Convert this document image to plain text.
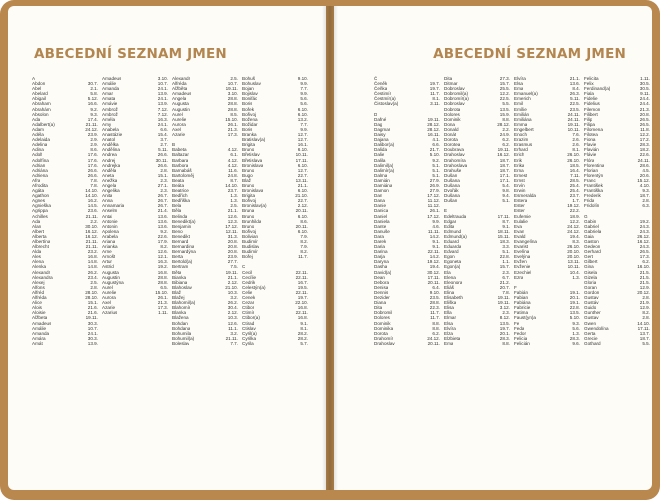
ABECEDNÍ SEZNAM JMEN
A
Abdon	30.7.
Abel	2.1.
Abelard	5.8.
Abigail	5.12.
Abraham	16.6.
Abrahám	9.2.
Absolon	9.3.
Ada	17.4.
Adalbert(a)	21.11.
Adam	24.12.
Adéla	23.9.
Adelaida	2.9.
Adelina	2.9.
Adina	8.6.
Adolf	17.6.
Adolfína	17.6.
Adrian	17.6.
Adriána	26.6.
Adriena	26.6.
Afra	7.8.
Afrodita	7.8.
Agáta	14.10.
Agathon	14.10.
Agnes	16.2.
Agnieška	14.5.
Agrippa	23.6.
Achilles	21.11.
Ada	2.2.
Alan	30.10.
Albert	16.12.
Alberta	16.12.
Albertína	21.11.
Albrecht	21.11.
Alda	23.2.
Ales	16.8.
Alena	14.8.
Alenka	14.8.
Alexandr	26.2.
Alexandra	23.4.
Alexej	2.5.
Alfons	2.8.
Alfréd	28.10.
Alfréda	28.10.
Alice	15.1.
Alois	21.6.
Aloisie	21.6.
Alžbeta	19.11.
Amadeus	30.3.
Amálie	10.7.
Amanda	24.1.
Amára	30.3.
Amát	13.9.
Amadeus	3.10.
Amálie	10.7.
Amanda	24.1.
Amar	13.9.
Amata	24.1.
Amávie	13.9.
Ambrož	7.12.
Ambrož	7.12.
Améla	16.3.
Amy	24.1.
Anabela	6.6.
Anastázie	15.4.
Anatol	3.7.
Andělka	2.7.
Andělina	5.11.
Andrea	26.6.
Andrej	30.11.
Andrejka	26.6.
Anděla	2.8.
Aneta	15.1.
Anežka	2.3.
Angela	27.1.
Angelika	2.3.
Anita	26.7.
Anna	26.7.
Annamaria	26.7.
Anselm	21.4.
Antal	13.6.
Antonie	13.6.
Antonin	13.6.
Apolena	9.2.
Arabela	22.6.
Ariana	17.9.
Arianka	8.2.
Arne	12.6.
Arnošt	12.1.
Artur	16.3.
Astrid	19.2.
Augusta	16.8.
Augustin	28.8.
Augustýna	28.8.
Aurel	6.5.
Aurelie	15.10.
Aurora	26.1.
Axel	21.3.
Azarie	17.3.
Azarius	1.11.
Alexandr	2.5.
Alfréda	10.7.
Alžběta	19.11.
Amadeus	3.10.
Angela	28.8.
Augusta	28.8.
Augustin	28.8.
Aurel	8.5.
Aurelie	15.10.
Aurora	26.1.
Axel	21.3.
Azarie	17.3.
B
Babeta	4.12.
Baltazar	6.1.
Barbara	4.12.
Barbora	4.12.
Barnabáš	11.6.
Bartoloměj	24.8.
Beata	8.7.
Beáta	14.10.
Beatrice	23.7.
Bedřich	1.3.
Bedřiška	1.3.
Bela	2.5.
Běla	21.1.
Belinda	12.6.
Benedikt(a)	12.3.
Benjamin	17.12.
Beno	12.11.
Benedikt	31.3.
Bernard	20.8.
Bernardina	20.8.
Bernardýna	20.8.
Berta	23.9.
Bertold(a)	27.7.
Bertram	7.5.
Běta	19.11.
Bianka	21.1.
Bibiana	2.12.
Blahoslav	21.10.
Blaž	10.3.
Blažej	3.2.
Blahomil(a)	26.2.
Blahomír	30.4.
Blanka	2.12.
Blažena	10.3.
Bohdan	12.6.
Bohdana	11.1.
Bohumila	3.2.
Bohumil(a)	21.11.
Boleslav	7.7.
Bohuš	9.10.
Bohuslav	9.9.
Bojan	7.7.
Bojislav	9.9.
Bonifác	5.6.
Boris	5.6.
Bořek	6.10.
Bořivoj	6.10.
Božena	13.2.
Božidar	7.7.
Boris	9.9.
Branka	12.7.
Bratislav(a)	12.7.
Brigita	16.1.
Bruno	6.10.
Břetislav	10.11.
Břetislava	17.11.
Bronislava	6.10.
Bruno	12.7.
Bugo	22.7.
Blaž	13.11.
Bruno	21.1.
Bronislava	6.10.
Brigita	21.10.
Bořivoj	22.7.
Bronislav(a)	2.12.
Bruna	20.11.
Bruno	6.10.
Brunhilda	8.6.
Bruno	20.11.
Bořivoj	6.10.
Bolivian	7.9.
Budimír	8.2.
Budislav	7.9.
Budimír	8.2.
Bořej	11.7.
C
Cecil	22.11.
Cecílie	22.11.
Cedrik	16.7.
Celestýn(a)	19.5.
Celie	22.11.
Cenek	19.7.
Cezar	22.10.
Ctibor	16.8.
Ctimír	22.11.
Ctibor(a)	16.8.
Ctirad	9.1.
Ctislav	8.1.
Cyril(a)	28.2.
Cyrilka	28.2.
Cyrila	5.7.
ABECEDNÍ SEZNAM JMEN
Č
Čeněk	19.7.
Čeňka	19.7.
Čestimír	11.7.
Čestmír(a)	8.1.
Čistoslav(a)	3.11.
D
Dafné	19.11.
Dag	28.12.
Dagmar	28.12.
Daisy	16.11.
Dajana	4.1.
Dalibor(a)	6.6.
Dalida	21.7.
Dalie	5.10.
Dalila	9.2.
Dalimil(a)	5.1.
Dalimír(a)	5.1.
Dalma	5.1.
Damián	27.9.
Damiána	26.9.
Damon	27.9.
Dan	17.12.
Dana	11.12.
Danie	11.12.
Danica	26.1.
Daniel	17.12.
Daniela	9.9.
Dante	4.6.
Danuše	11.11.
Dara	14.2.
Darek	9.1.
Daria	9.1.
Darina	22.11.
Darja	14.2.
Daryna	19.12.
Dasha	19.4.
David(a)	30.12.
Dean	17.11.
Debora	20.11.
Denisa	6.4.
Dennis	9.10.
Dezider	23.5.
Diana	28.8.
Dita	22.3.
Dobromil	11.7.
Dolores	11.7.
Dominik	8.8.
Dominika	8.8.
Dorota	6.2.
Drahomír	24.12.
Drahoslav	20.11.
Dita	27.3.
Ditmar	15.7.
Dobroslav	25.5.
Dobromil(a)	12.2.
Dobromír(a)	22.5.
Dobroslav	5.5.
Dobrota	13.5.
Dolores	15.9.
Dominik	8.8.
Dona	28.12.
Donald	2.2.
Donát	24.9.
Dorota	6.2.
Dorotea	6.2.
Doubrava	19.11.
Drahoslav	16.12.
Drahomíra	18.7.
Drahoslava	18.7.
Drahuše	18.7.
Dušan	17.1.
Dušana	17.1.
Dušana	5.4.
Dvořák	9.8.
Dušana	9.4.
Dušan	5.1.
E
Edeltrauda	17.11.
Edgar	8.7.
Edita	9.1.
Edmund	18.11.
Edmund(a)	15.11.
Eduard	18.3.
Eduarda	3.3.
Edvard	5.1.
Egon	22.8.
Egoneta	1.1.
Egon(a)	15.7.
Ela	2.3.
Elena	6.7.
Eleonora	21.2.
Eliáš	20.7.
Elina	7.8.
Elisabeth	19.11.
Eliška	19.11.
Elisa	3.12.
Ella	2.3.
Elmar	8.12.
Elsa	13.5.
Elvíra	19.7.
Elza	20.1.
Elzbieta	28.3.
Ema	8.8.
Elvíra	21.1.
Elsa	13.6.
Ema	8.4.
Emanuel(a)	26.3.
Emerich	5.11.
Emil	22.5.
Emílie	23.5.
Emilián	24.11.
Emiliána	24.11.
Emma	19.11.
Engelbert	10.11.
Enoch	7.6.
Erazim	2.6.
Erasmus	2.6.
Erhard	8.1.
Erich	26.10.
Erik	26.10.
Erika	18.5.
Erna	16.4.
Ernest	7.11.
Ernst	28.5.
Ervín	25.4.
Erwin	25.4.
Esmeralda	23.7.
Estera	1.7.
Ester	19.12.
Ester	22.2.
Eufemie	18.9.
Eulalie	12.2.
Eva	24.12.
Evan	24.12.
Evald	19.4.
Evangelína	8.3.
Evarist	26.10.
Evelína	20.10.
Evelýna	20.10.
Evžen	13.11.
Evženie	10.11.
Ezechiel	10.4.
Ezra	1.3.
F
Fabián	19.1.
Fabian	20.1.
Fabiána	19.1.
Fabricie	22.8.
Fatima	13.5.
Faust(yn)a	5.10.
Fe	9.3.
Feda	5.6.
Fedor	1.3.
Felicia	28.3.
Felicián	9.6.
Felicita	1.11.
Felix	30.5.
Ferdinand(a)	30.5.
Fiala	9.11.
Fidelie	24.4.
Fidelius	24.4.
Filemon	21.3.
Filibert	20.8.
Filip	26.5.
Filipa	26.5.
Filomena	11.8.
Filotea	12.2.
Fiona	17.2.
Flavie	28.3.
Flavián	18.2.
Flávie	22.6.
Flóra	24.11.
Florentina	28.6.
Florian	4.5.
Florentýn	20.6.
Franc	15.12.
František	4.10.
Františka	9.3.
Frederik	18.7.
Frida	2.8.
Fridolín	6.3.
G
Gabin	19.2.
Gabriel	24.3.
Gabriela	24.3.
Gaia	26.12.
Gaston	16.12.
Gedeon	24.3.
Gerhard	26.5.
Gert	17.3.
Gilbert	6.2.
Gina	16.10.
Gisela	21.5.
Gizela	21.5.
Gloria	21.5.
Goran	12.9.
Gordon	20.12.
Gustav	2.8.
Gustáv	21.9.
Guido	12.9.
Gunther	8.2.
Gustav	2.8.
Gwen	14.10.
Gwendolína	17.11.
Gerta	13.7.
Grecie	18.7.
Gothard	5.5.
